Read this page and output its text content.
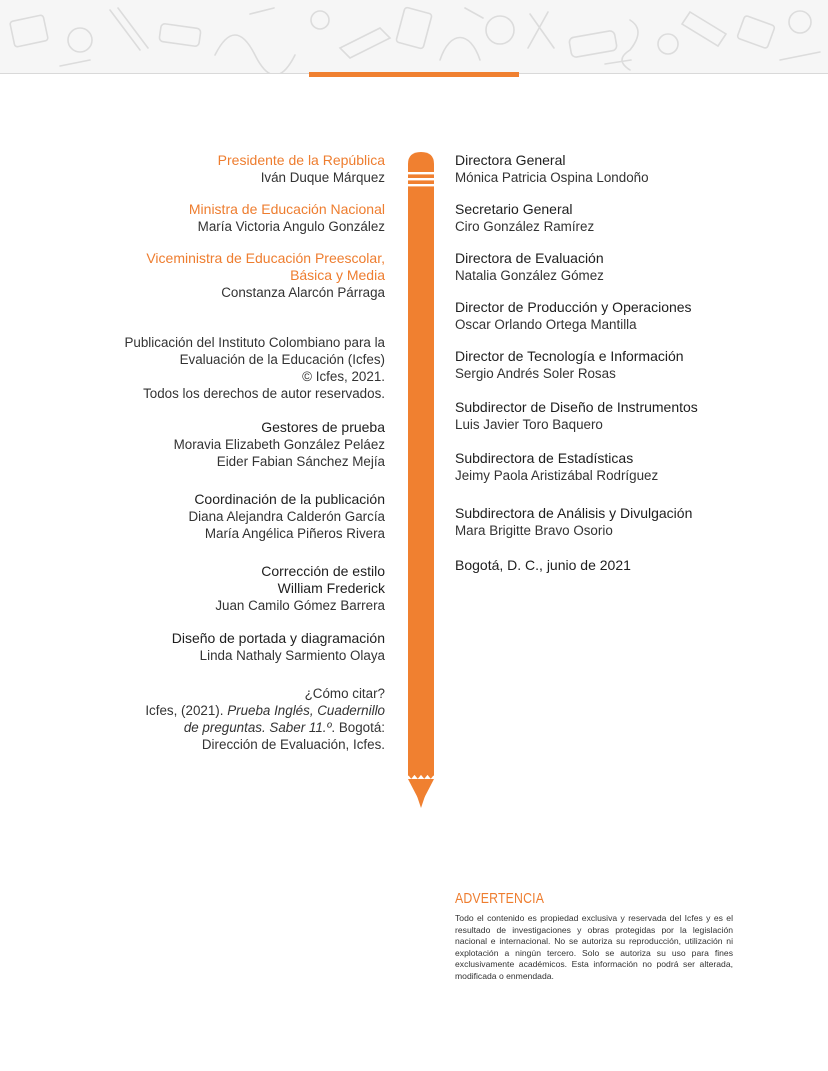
Presidente de la República
Iván Duque Márquez
Ministra de Educación Nacional
María Victoria Angulo González
Viceministra de Educación Preescolar,
Básica y Media
Constanza Alarcón Párraga
Publicación del Instituto Colombiano para la
Evaluación de la Educación (Icfes)
© Icfes, 2021.
Todos los derechos de autor reservados.
Gestores de prueba
Moravia Elizabeth González Peláez
Eider Fabian Sánchez Mejía
Coordinación de la publicación
Diana Alejandra Calderón García
María Angélica Piñeros Rivera
Corrección de estilo
William Frederick
Juan Camilo Gómez Barrera
Diseño de portada y diagramación
Linda Nathaly Sarmiento Olaya
¿Cómo citar?
Icfes, (2021). Prueba Inglés, Cuadernillo
de preguntas. Saber 11.º. Bogotá:
Dirección de Evaluación, Icfes.
Directora General
Mónica Patricia Ospina Londoño
Secretario General
Ciro González Ramírez
Directora de Evaluación
Natalia González Gómez
Director de Producción y Operaciones
Oscar Orlando Ortega Mantilla
Director de Tecnología e Información
Sergio Andrés Soler Rosas
Subdirector de Diseño de Instrumentos
Luis Javier Toro Baquero
Subdirectora de Estadísticas
Jeimy Paola Aristizábal Rodríguez
Subdirectora de Análisis y Divulgación
Mara Brigitte Bravo Osorio
Bogotá, D. C., junio de 2021
ADVERTENCIA
Todo el contenido es propiedad exclusiva y reservada del Icfes y es el resultado de investigaciones y obras protegidas por la legislación nacional e internacional. No se autoriza su reproducción, utilización ni explotación a ningún tercero. Solo se autoriza su uso para fines exclusivamente académicos. Esta información no podrá ser alterada, modificada o enmendada.
